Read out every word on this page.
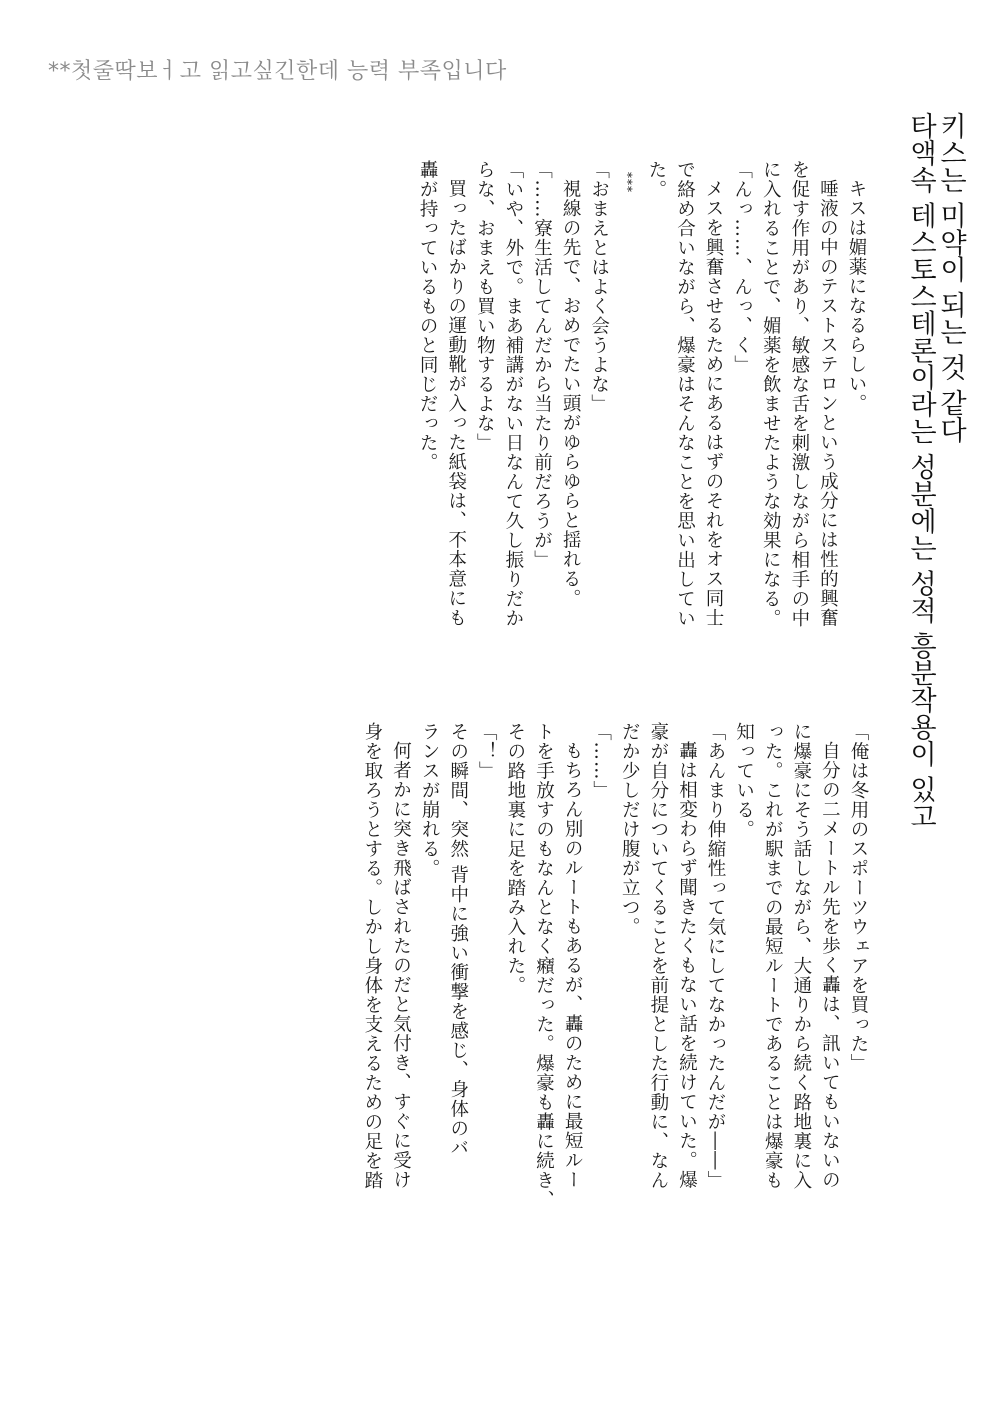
**첫줄딱보ㅓ고 읽고싶긴한데 능력 부족입니다
키스는 미약이 되는 것 같다
타액속 테스토스테론이라는 성분에는 성적 흥분작용이 있고
キスは媚薬になるらしい。
唾液の中のテストステロンという成分には性的興奮
を促す作用があり、敏感な舌を刺激しながら相手の中
に入れることで、媚薬を飲ませたような効果になる。
「んっ……、んっ、く」
メスを興奮させるためにあるはずのそれをオス同士
で絡め合いながら、爆豪はそんなことを思い出してい
た。
***
「おまえとはよく会うよな」
視線の先で、おめでたい頭がゆらゆらと揺れる。
「……寮生活してんだから当たり前だろうが」
「いや、外で。まあ補講がない日なんて久し振りだか
らな、おまえも買い物するよな」
買ったばかりの運動靴が入った紙袋は、不本意にも
轟が持っているものと同じだった。
「俺は冬用のスポーツウェアを買った」
自分の二メートル先を歩く轟は、訊いてもいないの
に爆豪にそう話しながら、大通りから続く路地裏に入
った。これが駅までの最短ルートであることは爆豪も
知っている。
「あんまり伸縮性って気にしてなかったんだが――」
轟は相変わらず聞きたくもない話を続けていた。爆
豪が自分についてくることを前提とした行動に、なん
だか少しだけ腹が立つ。
「……」
もちろん別のルートもあるが、轟のために最短ルー
トを手放すのもなんとなく癪だった。爆豪も轟に続き、
その路地裏に足を踏み入れた。
「！」
その瞬間、突然 背中に強い衝撃を感じ、身体のバ
ランスが崩れる。
何者かに突き飛ばされたのだと気付き、すぐに受け
身を取ろうとする。しかし身体を支えるための足を踏
